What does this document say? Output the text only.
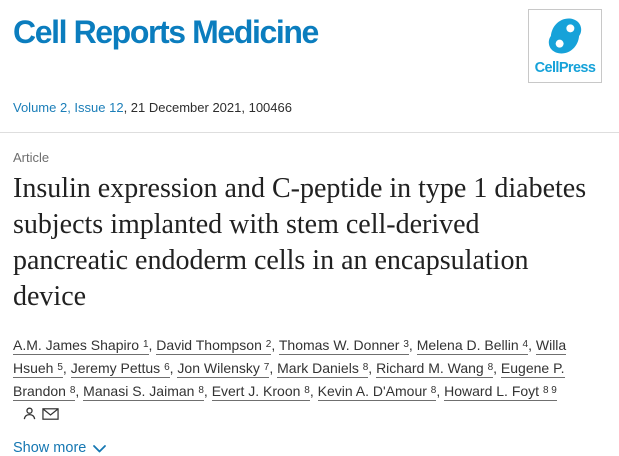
Cell Reports Medicine
CellPress
Volume 2, Issue 12, 21 December 2021, 100466
Article
Insulin expression and C-peptide in type 1 diabetes subjects implanted with stem cell-derived pancreatic endoderm cells in an encapsulation device

A.M. James Shapiro $^1$ , David Thompson $^2$ , Thomas W. Donner $^3$ , Melena D. Bellin $^4$ , Willa Hsueh $^5$ , Jeremy Pettus $^6$ , Jon Wilensky $^7$ , Mark Daniels $^8$ , Richard M. Wang $^8$ , Eugene P. Brandon $^8$ , Manasi S. Jaiman $^8$ , Evert J. Kroon $^8$ , Kevin A. D'Amour $^8$ , Howard L. Foyt $^{8 9}$

Show more
